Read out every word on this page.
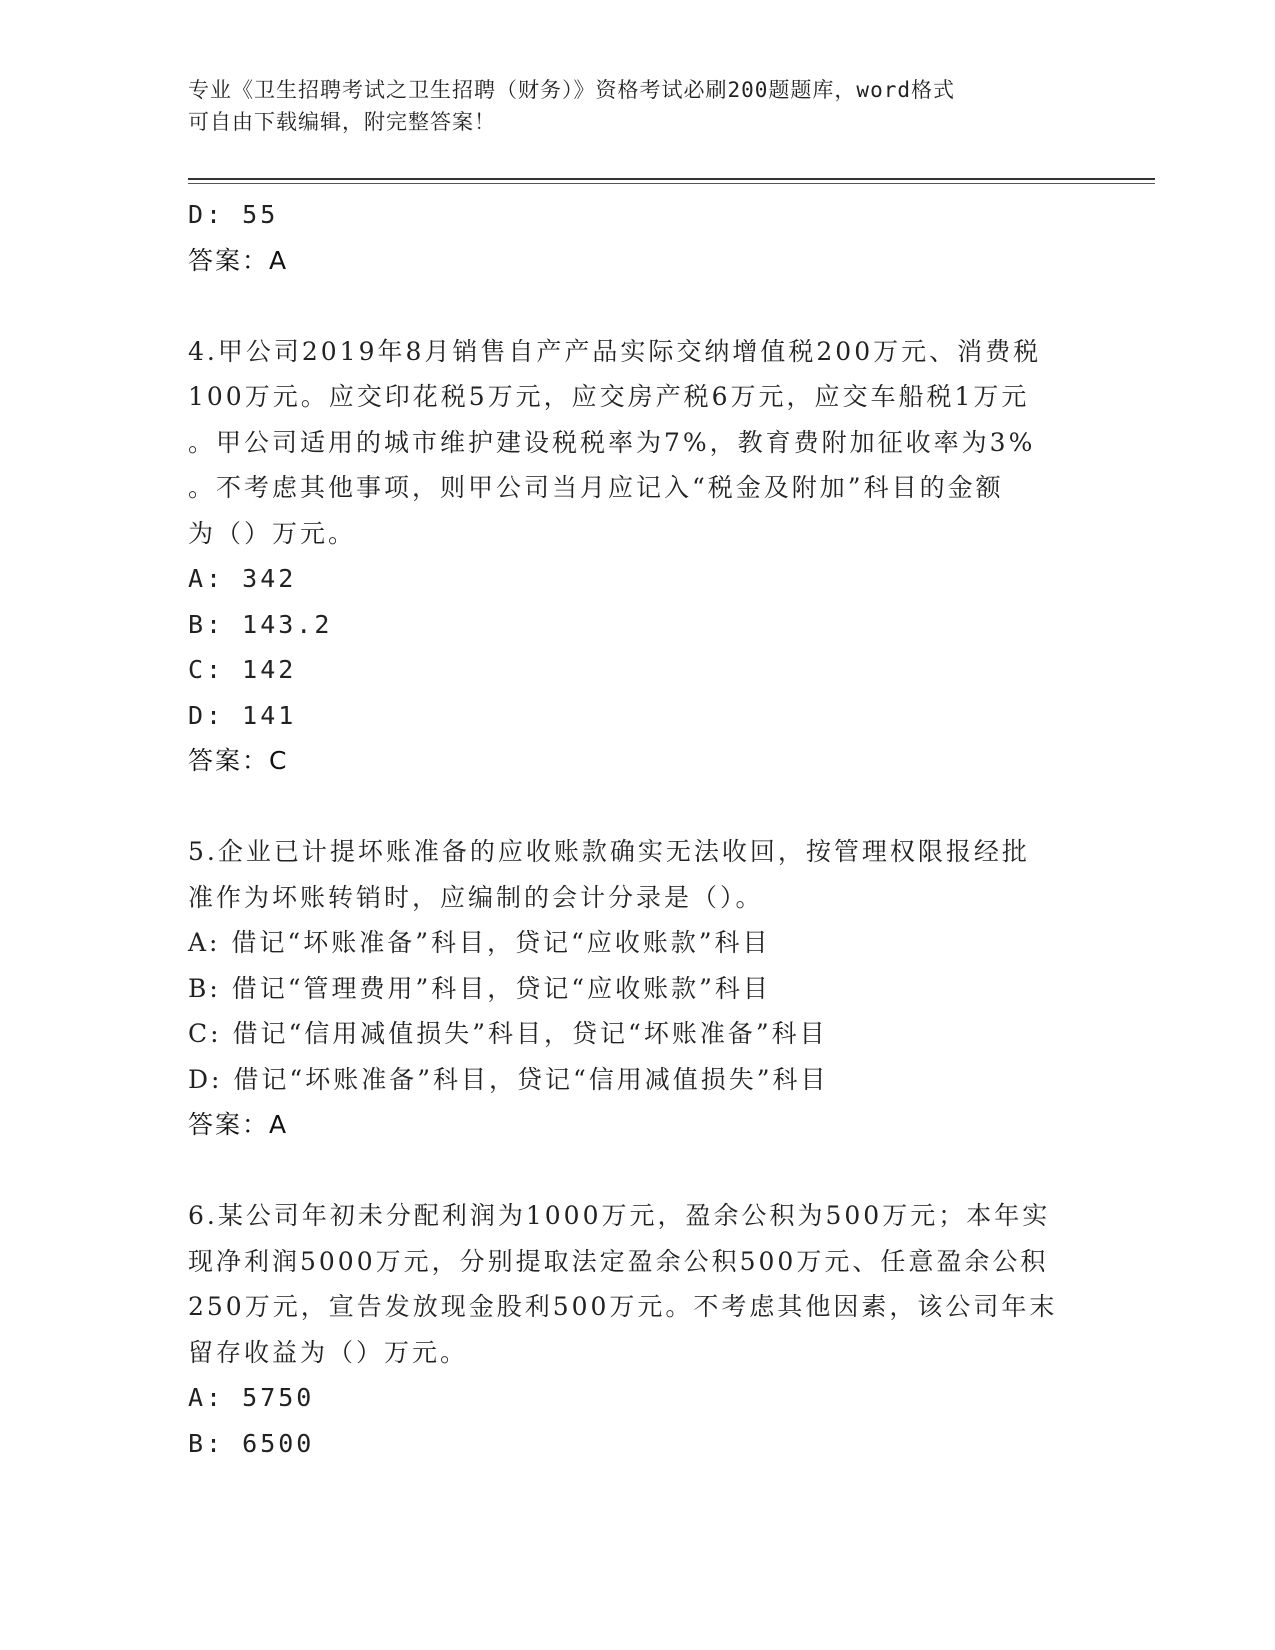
专业《卫生招聘考试之卫生招聘（财务）》资格考试必刷200题题库，word格式
可自由下载编辑，附完整答案！
D: 55
答案：A
4.甲公司2019年8月销售自产产品实际交纳增值税200万元、消费税
100万元。应交印花税5万元，应交房产税6万元，应交车船税1万元
。甲公司适用的城市维护建设税税率为7%，教育费附加征收率为3%
。不考虑其他事项，则甲公司当月应记入“税金及附加”科目的金额
为（）万元。
A: 342
B: 143.2
C: 142
D: 141
答案：C
5.企业已计提坏账准备的应收账款确实无法收回，按管理权限报经批
准作为坏账转销时，应编制的会计分录是（）。
A: 借记“坏账准备”科目，贷记“应收账款”科目
B: 借记“管理费用”科目，贷记“应收账款”科目
C: 借记“信用减值损失”科目，贷记“坏账准备”科目
D: 借记“坏账准备”科目，贷记“信用减值损失”科目
答案：A
6.某公司年初未分配利润为1000万元，盈余公积为500万元；本年实
现净利润5000万元，分别提取法定盈余公积500万元、任意盈余公积
250万元，宣告发放现金股利500万元。不考虑其他因素，该公司年末
留存收益为（）万元。
A: 5750
B: 6500
